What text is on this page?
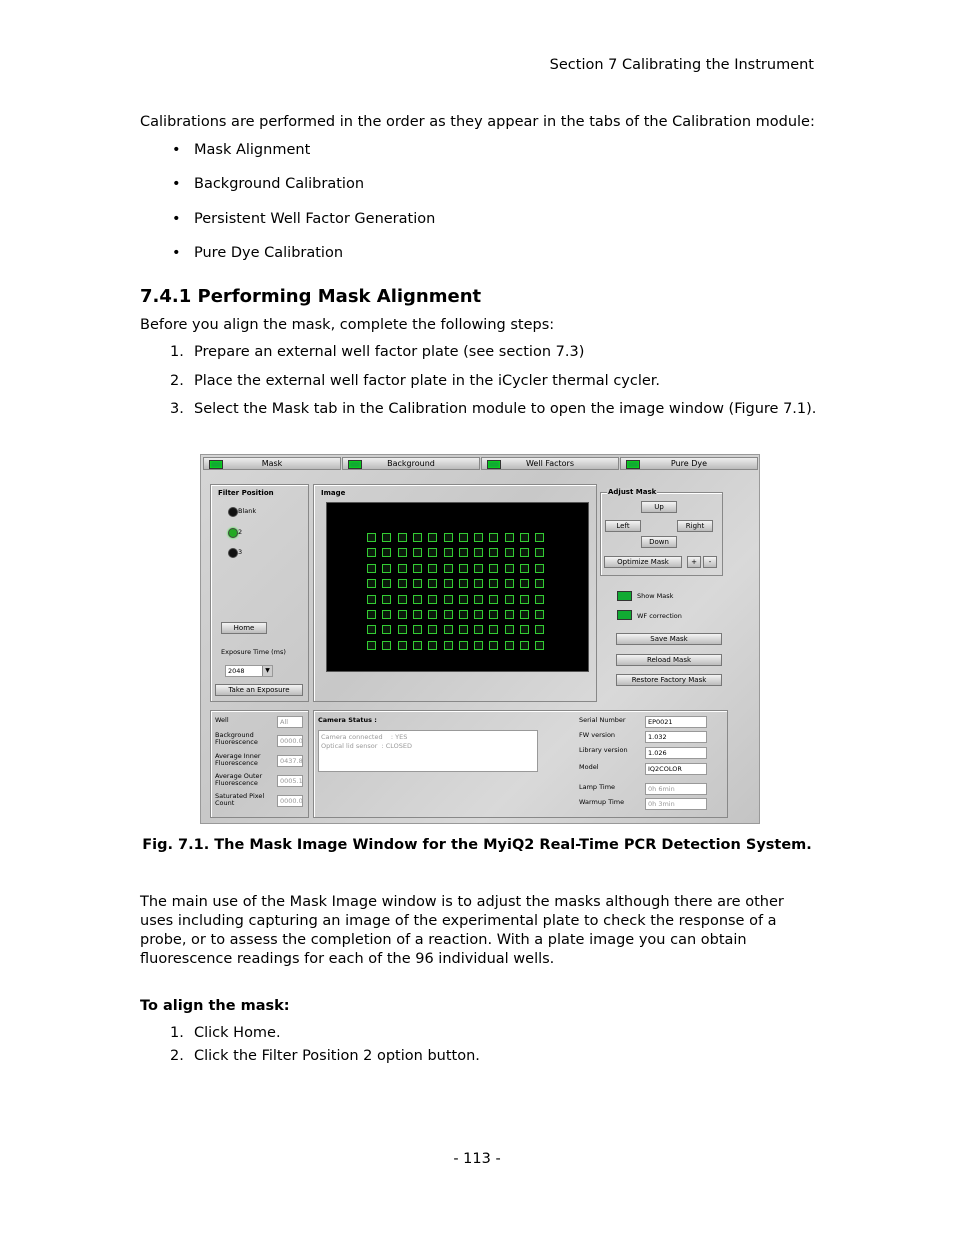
Section 7 Calibrating the Instrument
Calibrations are performed in the order as they appear in the tabs of the Calibration module:
• Mask Alignment
• Background Calibration
• Persistent Well Factor Generation
• Pure Dye Calibration
7.4.1 Performing Mask Alignment
Before you align the mask, complete the following steps:
1. Prepare an external well factor plate (see section 7.3)
2. Place the external well factor plate in the iCycler thermal cycler.
3. Select the Mask tab in the Calibration module to open the image window (Figure 7.1).
Mask	Background	Well Factors	Pure Dye
Filter Position
Blank
2
3
Home
Exposure Time (ms)
2048	▼
Take an Exposure
Image	Adjust Mask
Up
Left	Right
Down
Optimize Mask	+	-
Show Mask
WF correction
Save Mask
Reload Mask
Restore Factory Mask
Well	All
Background Fluorescence	0000.0
Average Inner Fluorescence	0437.8
Average Outer Fluorescence	0005.1
Saturated Pixel Count	0000.0
Camera Status :
Camera connected    : YES
Optical lid sensor  : CLOSED
Serial Number	EP0021
FW version	1.032
Library version	1.026
Model	IQ2COLOR
Lamp Time	0h 6min
Warmup Time	0h 3min
Fig. 7.1. The Mask Image Window for the MyiQ2 Real-Time PCR Detection System.
The main use of the Mask Image window is to adjust the masks although there are other uses including capturing an image of the experimental plate to check the response of a probe, or to assess the completion of a reaction. With a plate image you can obtain fluorescence readings for each of the 96 individual wells.
To align the mask:
1. Click Home.
2. Click the Filter Position 2 option button.
- 113 -
